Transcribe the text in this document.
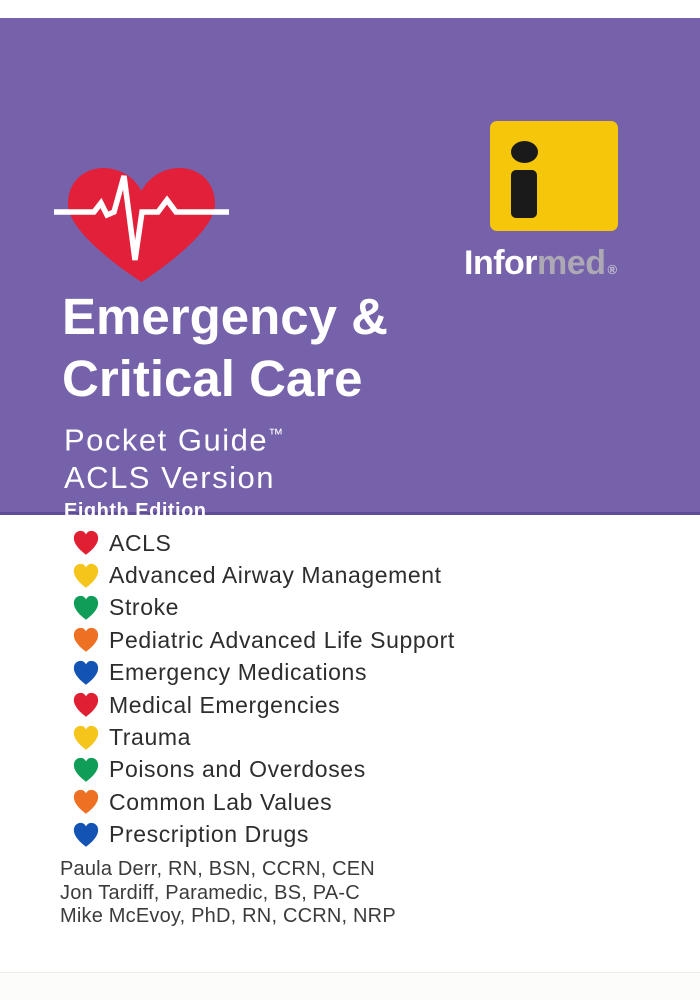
Informed ®
Emergency &
Critical Care
Pocket Guide™
ACLS Version
Eighth Edition
ACLS
Advanced Airway Management
Stroke
Pediatric Advanced Life Support
Emergency Medications
Medical Emergencies
Trauma
Poisons and Overdoses
Common Lab Values
Prescription Drugs
Paula Derr, RN, BSN, CCRN, CEN
Jon Tardiff, Paramedic, BS, PA-C
Mike McEvoy, PhD, RN, CCRN, NRP
